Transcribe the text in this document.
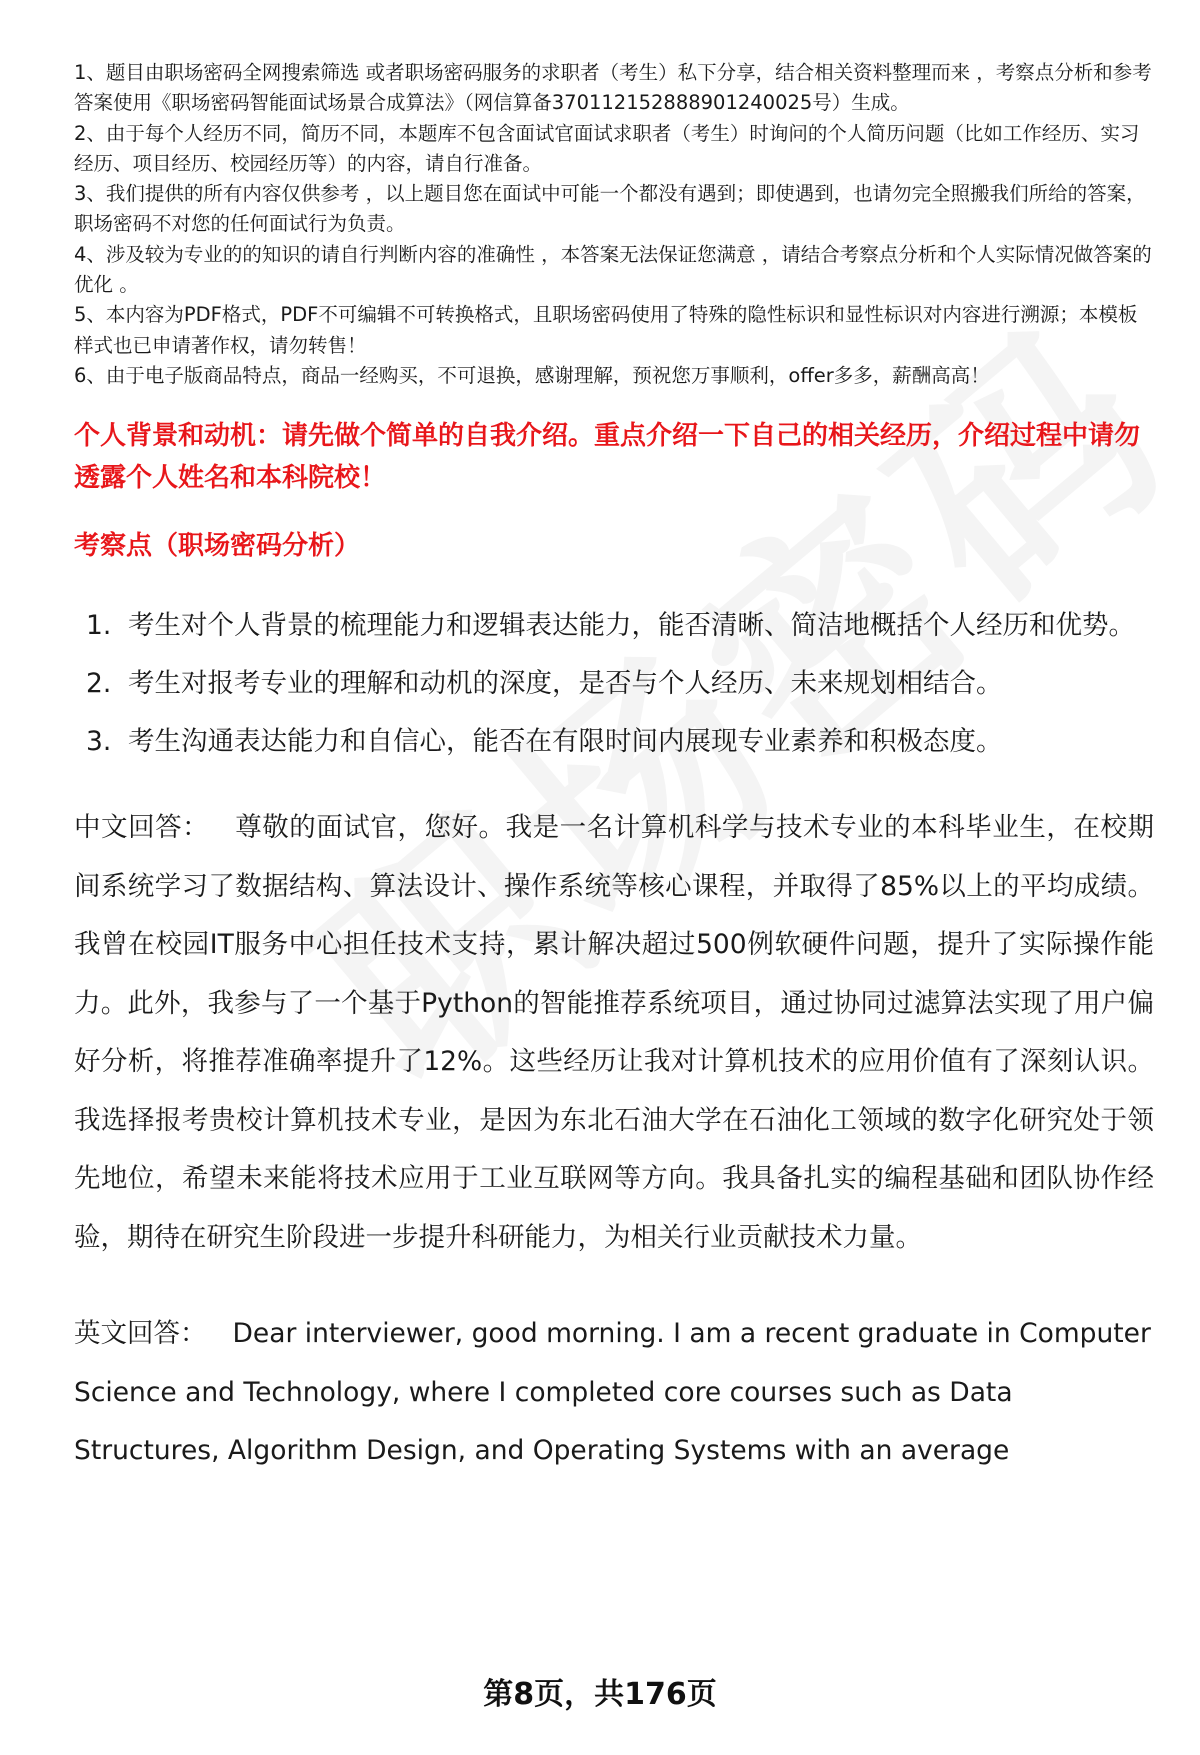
1、题目由职场密码全网搜索筛选 或者职场密码服务的求职者（考生）私下分享，结合相关资料整理而来 ，考察点分析和参考答案使用《职场密码智能面试场景合成算法》（网信算备370112152888901240025号）生成。

2、由于每个人经历不同，简历不同，本题库不包含面试官面试求职者（考生）时询问的个人简历问题（比如工作经历、实习经历、项目经历、校园经历等）的内容，请自行准备。

3、我们提供的所有内容仅供参考 ，以上题目您在面试中可能一个都没有遇到；即使遇到，也请勿完全照搬我们所给的答案，职场密码不对您的任何面试行为负责。

4、涉及较为专业的的知识的请自行判断内容的准确性 ，本答案无法保证您满意 ，请结合考察点分析和个人实际情况做答案的优化 。

5、本内容为PDF格式，PDF不可编辑不可转换格式，且职场密码使用了特殊的隐性标识和显性标识对内容进行溯源；本模板样式也已申请著作权，请勿转售！

6、由于电子版商品特点，商品一经购买，不可退换，感谢理解，预祝您万事顺利，offer多多，薪酬高高！

个人背景和动机：请先做个简单的自我介绍。重点介绍一下自己的相关经历，介绍过程中请勿透露个人姓名和本科院校！
考察点（职场密码分析）
1. 考生对个人背景的梳理能力和逻辑表达能力，能否清晰、简洁地概括个人经历和优势。
2. 考生对报考专业的理解和动机的深度，是否与个人经历、未来规划相结合。
3. 考生沟通表达能力和自信心，能否在有限时间内展现专业素养和积极态度。
中文回答： 尊敬的面试官，您好。我是一名计算机科学与技术专业的本科毕业生，在校期间系统学习了数据结构、算法设计、操作系统等核心课程，并取得了85%以上的平均成绩。我曾在校园IT服务中心担任技术支持，累计解决超过500例软硬件问题，提升了实际操作能力。此外，我参与了一个基于Python的智能推荐系统项目，通过协同过滤算法实现了用户偏好分析，将推荐准确率提升了12%。这些经历让我对计算机技术的应用价值有了深刻认识。我选择报考贵校计算机技术专业，是因为东北石油大学在石油化工领域的数字化研究处于领先地位，希望未来能将技术应用于工业互联网等方向。我具备扎实的编程基础和团队协作经验，期待在研究生阶段进一步提升科研能力，为相关行业贡献技术力量。
英文回答： Dear interviewer, good morning. I am a recent graduate in Computer Science and Technology, where I completed core courses such as Data Structures, Algorithm Design, and Operating Systems with an average
第8页，共176页
